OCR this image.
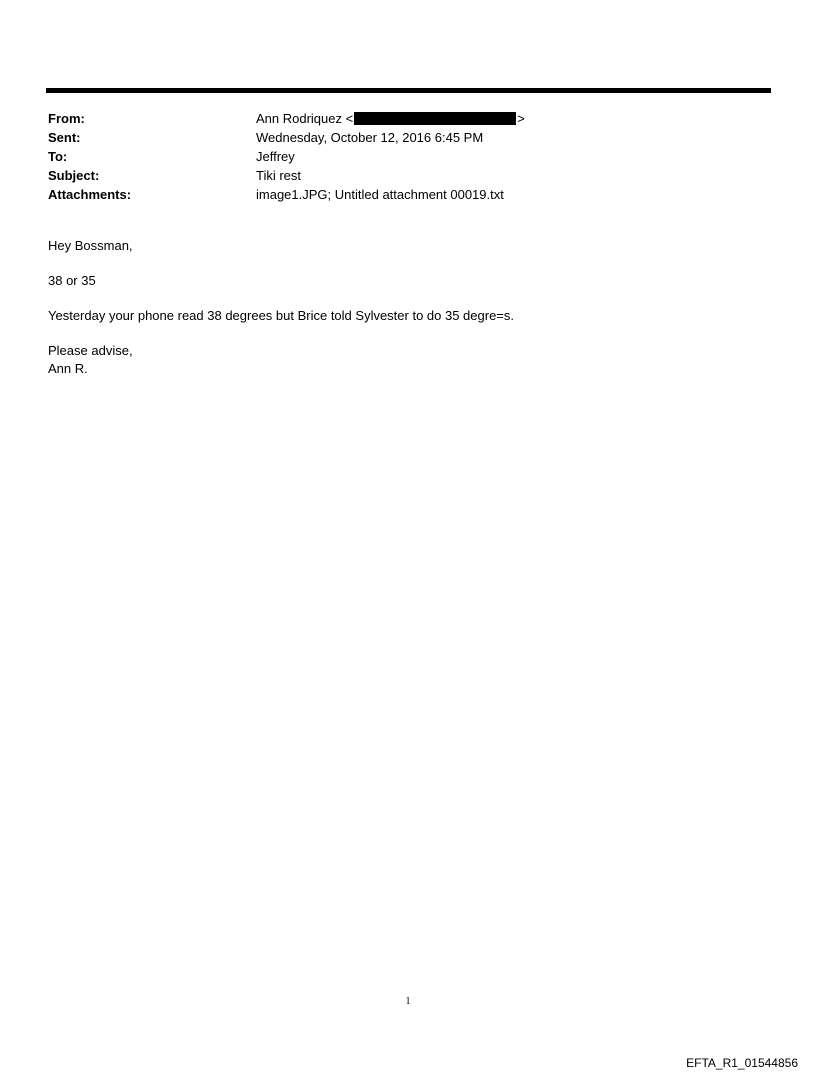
From:	Ann Rodriquez <	>
Sent:	Wednesday, October 12, 2016 6:45 PM
To:	Jeffrey
Subject:	Tiki rest
Attachments:	image1.JPG; Untitled attachment 00019.txt

Hey Bossman,

38 or 35

Yesterday your phone read 38 degrees but Brice told Sylvester to do 35 degre=s.

Please advise,
Ann R.

1
EFTA_R1_01544856
